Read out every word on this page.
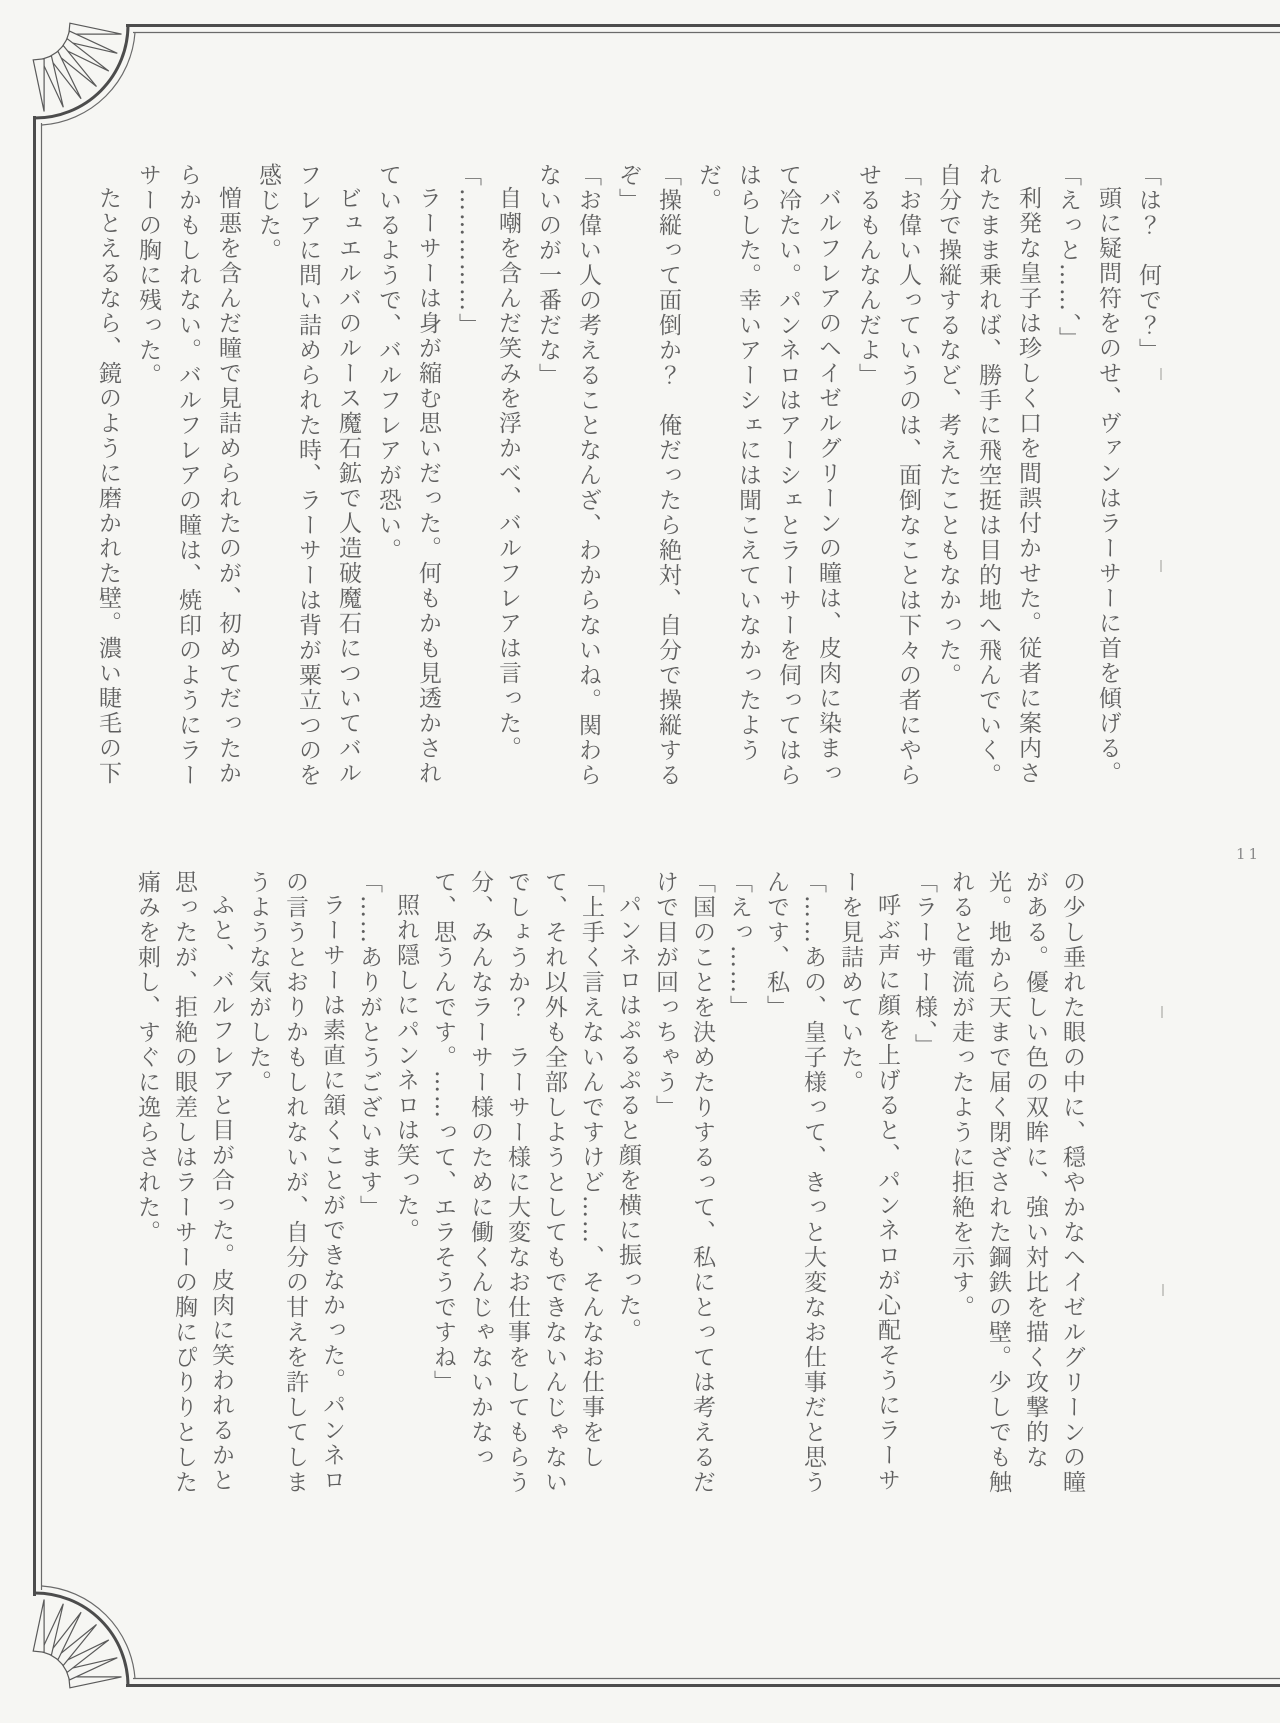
「は？　何で？」

頭に疑問符をのせ、ヴァンはラーサーに首を傾げる。

「えっと……、」

利発な皇子は珍しく口を間誤付かせた。従者に案内されたまま乗れば、勝手に飛空挺は目的地へ飛んでいく。自分で操縦するなど、考えたこともなかった。

「お偉い人っていうのは、面倒なことは下々の者にやらせるもんなんだよ」

バルフレアのヘイゼルグリーンの瞳は、皮肉に染まって冷たい。パンネロはアーシェとラーサーを伺ってはらはらした。幸いアーシェには聞こえていなかったようだ。

「操縦って面倒か？　俺だったら絶対、自分で操縦するぞ」

「お偉い人の考えることなんざ、わからないね。関わらないのが一番だな」

自嘲を含んだ笑みを浮かべ、バルフレアは言った。

「……………」

ラーサーは身が縮む思いだった。何もかも見透かされているようで、バルフレアが恐い。

ビュエルバのルース魔石鉱で人造破魔石についてバルフレアに問い詰められた時、ラーサーは背が粟立つのを感じた。

憎悪を含んだ瞳で見詰められたのが、初めてだったからかもしれない。バルフレアの瞳は、焼印のようにラーサーの胸に残った。

たとえるなら、鏡のように磨かれた壁。濃い睫毛の下

の少し垂れた眼の中に、穏やかなヘイゼルグリーンの瞳がある。優しい色の双眸に、強い対比を描く攻撃的な光。地から天まで届く閉ざされた鋼鉄の壁。少しでも触れると電流が走ったように拒絶を示す。

「ラーサー様、」

呼ぶ声に顔を上げると、パンネロが心配そうにラーサーを見詰めていた。

「……あの、皇子様って、きっと大変なお仕事だと思うんです、私」

「えっ……」

「国のことを決めたりするって、私にとっては考えるだけで目が回っちゃう」

パンネロはぷるぷると顔を横に振った。

「上手く言えないんですけど……、そんなお仕事をして、それ以外も全部しようとしてもできないんじゃないでしょうか？　ラーサー様に大変なお仕事をしてもらう分、みんなラーサー様のために働くんじゃないかなって、思うんです。……って、エラそうですね」

照れ隠しにパンネロは笑った。

「……ありがとうございます」

ラーサーは素直に頷くことができなかった。パンネロの言うとおりかもしれないが、自分の甘えを許してしまうような気がした。

ふと、バルフレアと目が合った。皮肉に笑われるかと思ったが、拒絶の眼差しはラーサーの胸にぴりりとした痛みを刺し、すぐに逸らされた。

11
